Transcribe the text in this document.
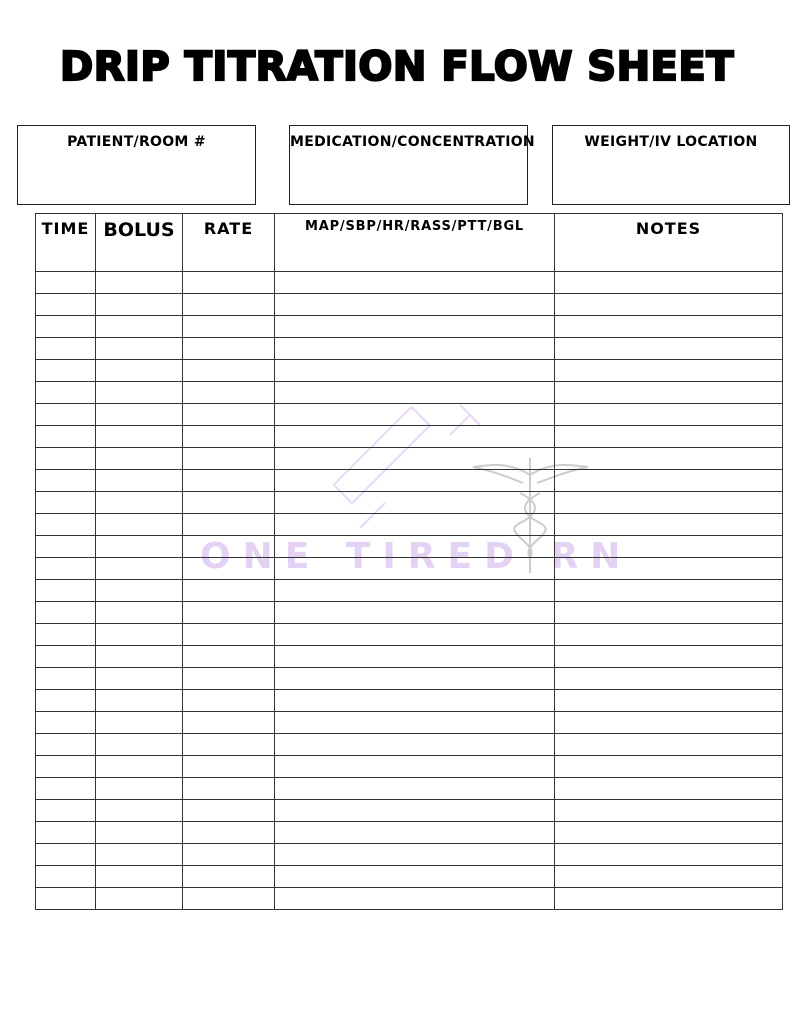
DRIP TITRATION FLOW SHEET
PATIENT/ROOM #	MEDICATION/CONCENTRATION	WEIGHT/IV LOCATION
ONE TIRED RN
TIME	BOLUS	RATE	MAP/SBP/HR/RASS/PTT/BGL	NOTES
